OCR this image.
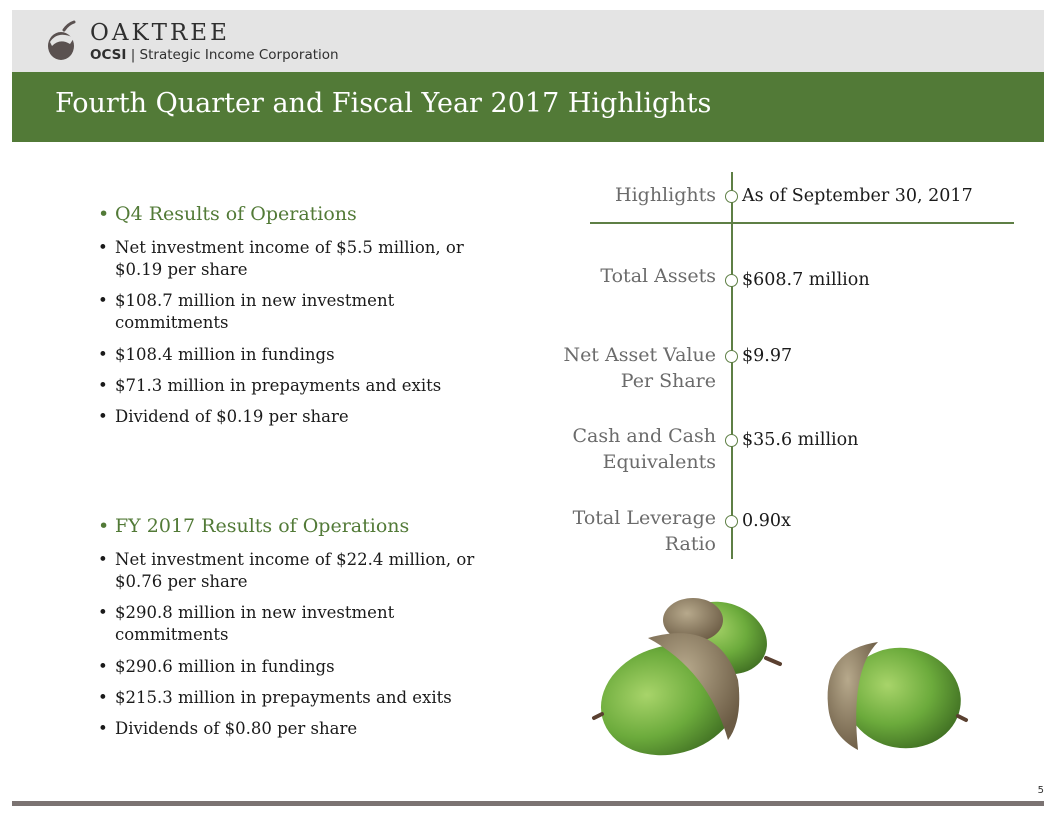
OAKTREE
OCSI | Strategic Income Corporation
Fourth Quarter and Fiscal Year 2017 Highlights
• Q4 Results of Operations
• Net investment income of $5.5 million, or $0.19 per share
• $108.7 million in new investment commitments
• $108.4 million in fundings
• $71.3 million in prepayments and exits
• Dividend of $0.19 per share
• FY 2017 Results of Operations
• Net investment income of $22.4 million, or $0.76 per share
• $290.8 million in new investment commitments
• $290.6 million in fundings
• $215.3 million in prepayments and exits
• Dividends of $0.80 per share
Highlights As of September 30, 2017
Total Assets $608.7 million
Net Asset Value Per Share
$9.97
Cash and Cash Equivalents
$35.6 million
Total Leverage Ratio
0.90x
5
